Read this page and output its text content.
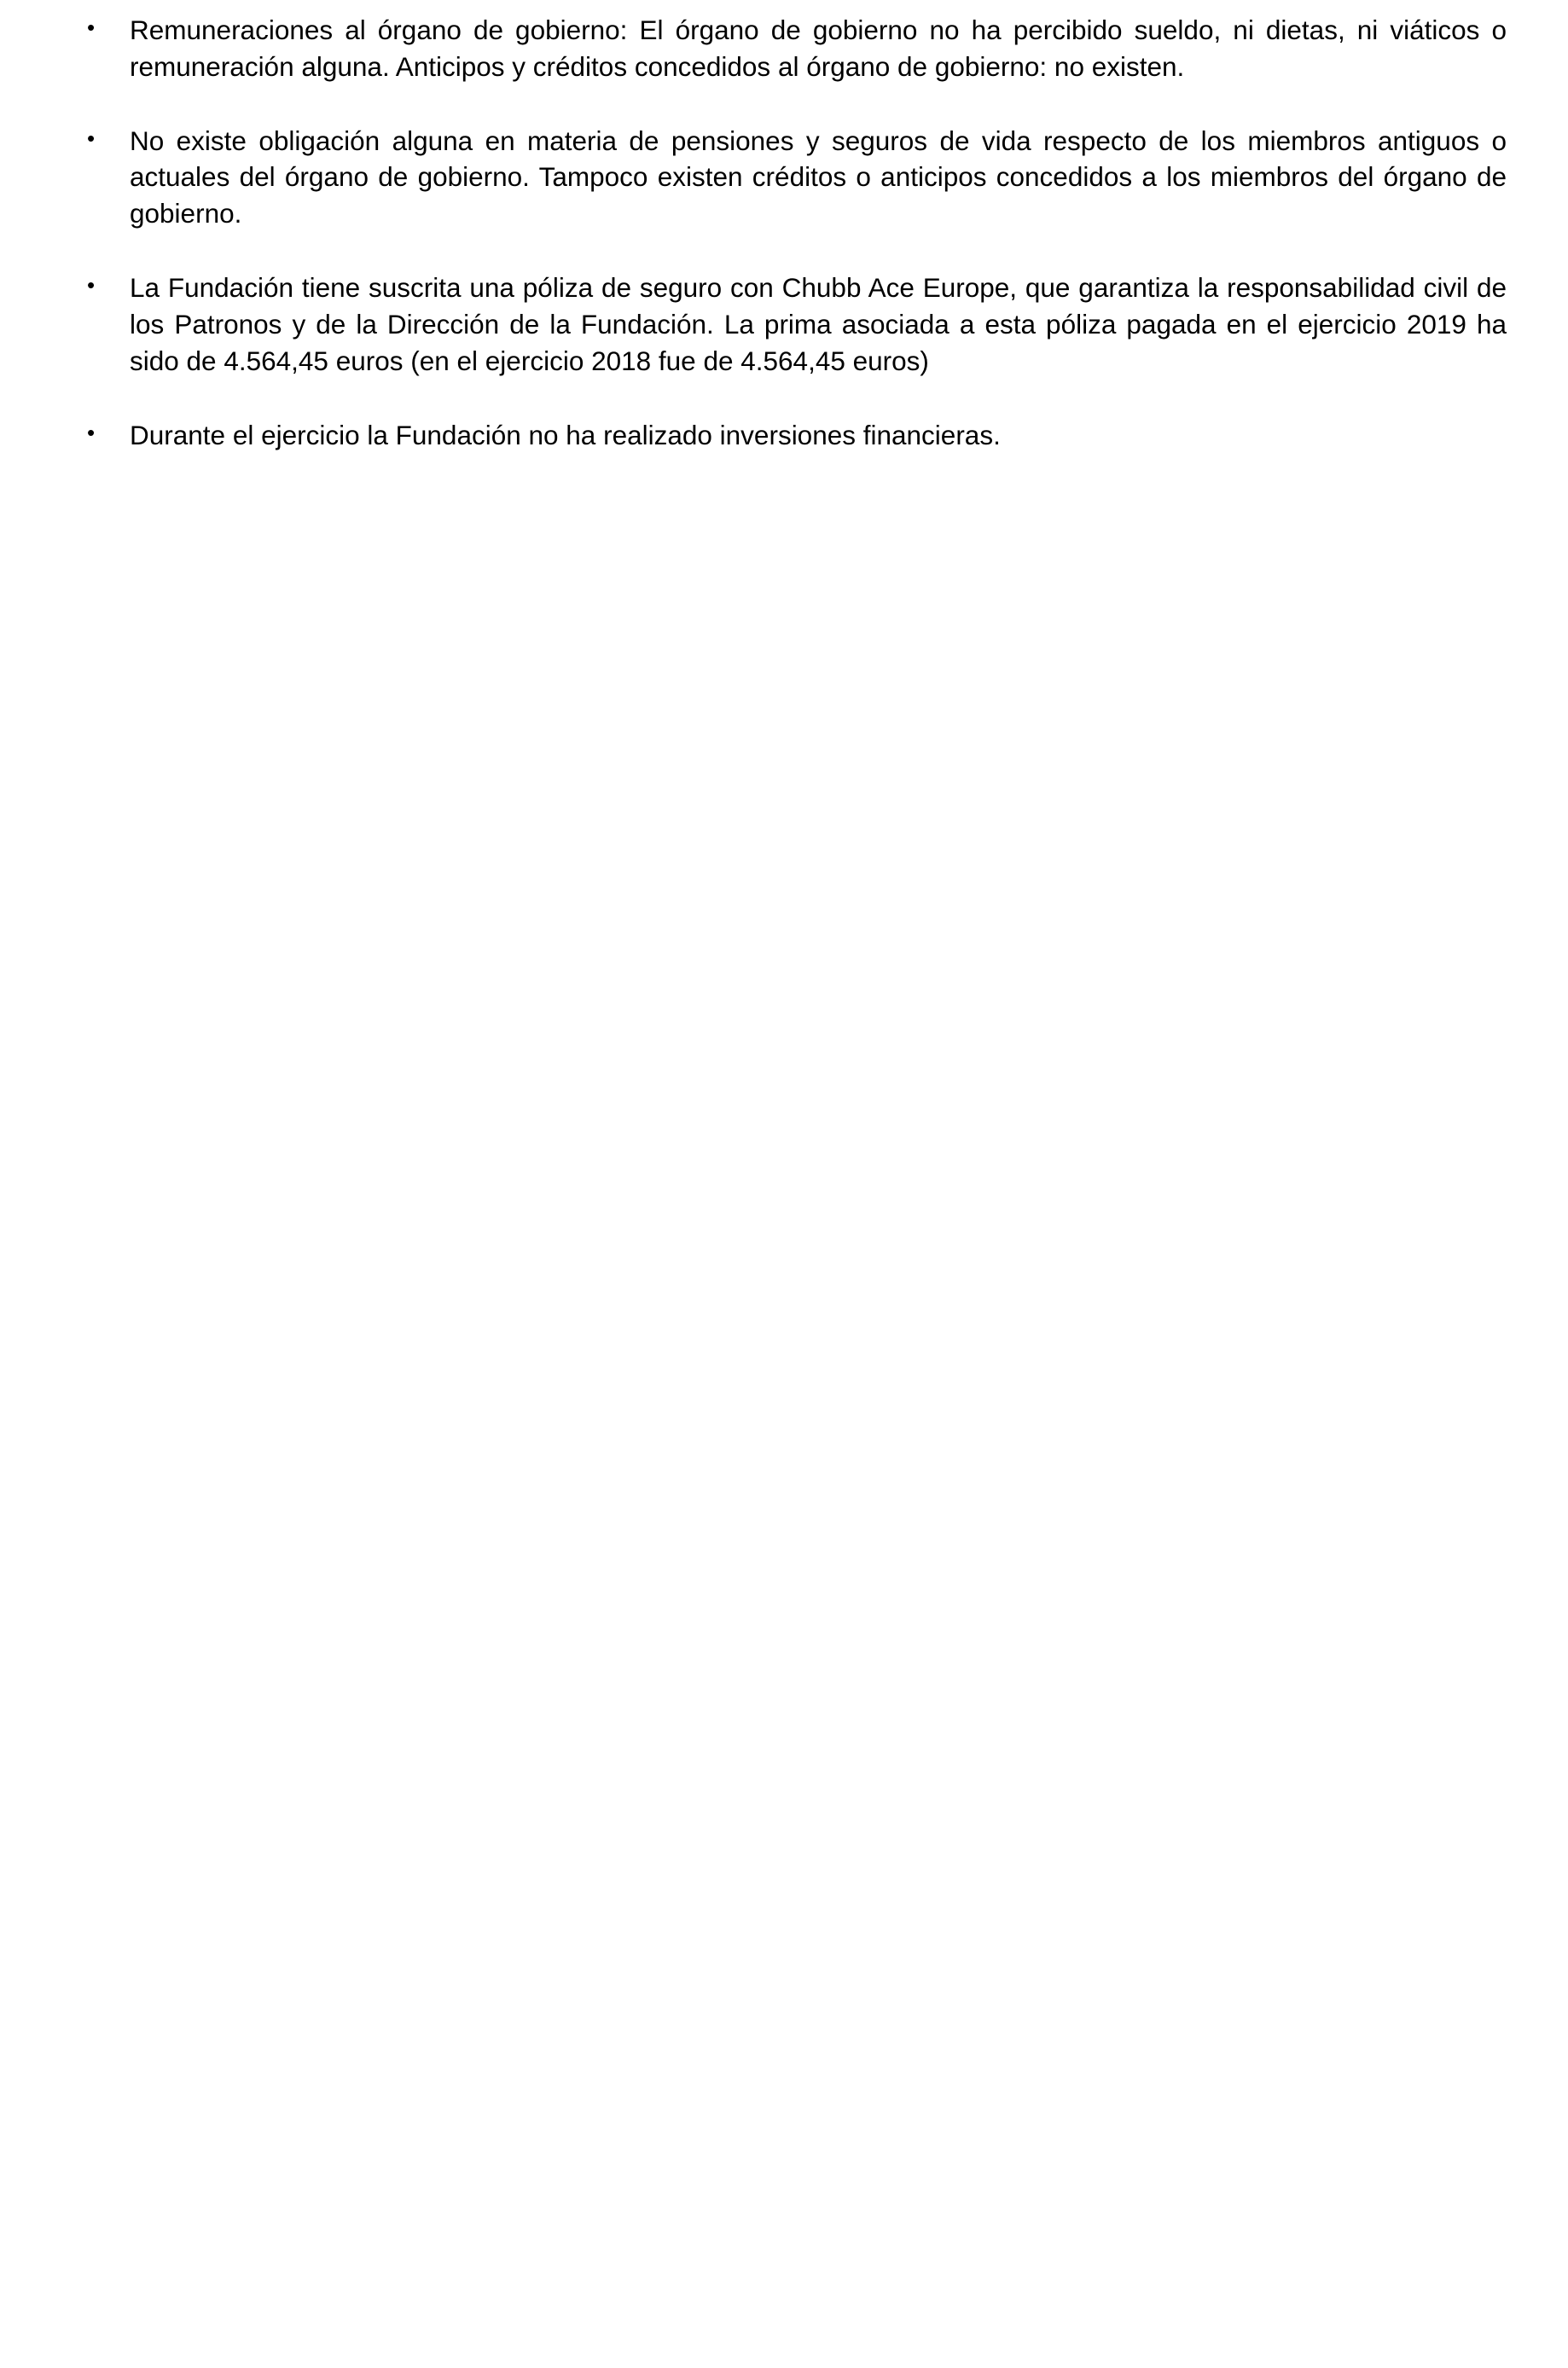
• Remuneraciones al órgano de gobierno: El órgano de gobierno no ha percibido sueldo, ni dietas, ni viáticos o remuneración alguna. Anticipos y créditos concedidos al órgano de gobierno: no existen.
• No existe obligación alguna en materia de pensiones y seguros de vida respecto de los miembros antiguos o actuales del órgano de gobierno. Tampoco existen créditos o anticipos concedidos a los miembros del órgano de gobierno.
• La Fundación tiene suscrita una póliza de seguro con Chubb Ace Europe, que garantiza la responsabilidad civil de los Patronos y de la Dirección de la Fundación. La prima asociada a esta póliza pagada en el ejercicio 2019 ha sido de 4.564,45 euros (en el ejercicio 2018 fue de 4.564,45 euros)
• Durante el ejercicio la Fundación no ha realizado inversiones financieras.
